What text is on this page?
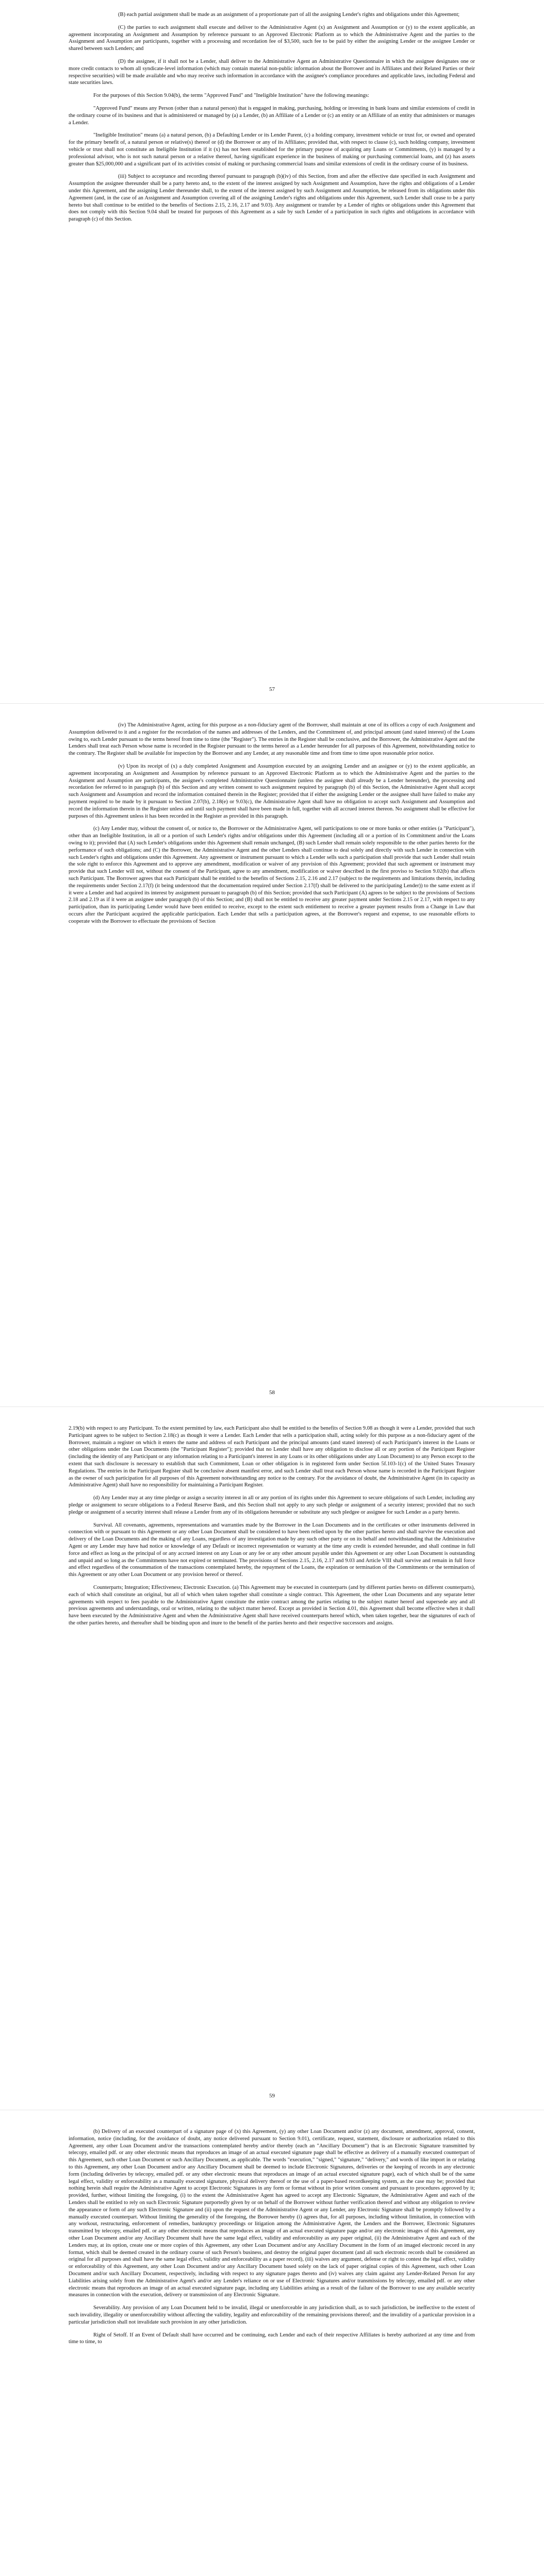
(B) each partial assignment shall be made as an assignment of a proportionate part of all the assigning Lender's rights and obligations under this Agreement;

(C) the parties to each assignment shall execute and deliver to the Administrative Agent (x) an Assignment and Assumption or (y) to the extent applicable, an agreement incorporating an Assignment and Assumption by reference pursuant to an Approved Electronic Platform as to which the Administrative Agent and the parties to the Assignment and Assumption are participants, together with a processing and recordation fee of $3,500, such fee to be paid by either the assigning Lender or the assignee Lender or shared between such Lenders; and

(D) the assignee, if it shall not be a Lender, shall deliver to the Administrative Agent an Administrative Questionnaire in which the assignee designates one or more credit contacts to whom all syndicate-level information (which may contain material non-public information about the Borrower and its Affiliates and their Related Parties or their respective securities) will be made available and who may receive such information in accordance with the assignee's compliance procedures and applicable laws, including Federal and state securities laws.

For the purposes of this Section 9.04(b), the terms "Approved Fund" and "Ineligible Institution" have the following meanings:

"Approved Fund" means any Person (other than a natural person) that is engaged in making, purchasing, holding or investing in bank loans and similar extensions of credit in the ordinary course of its business and that is administered or managed by (a) a Lender, (b) an Affiliate of a Lender or (c) an entity or an Affiliate of an entity that administers or manages a Lender.

"Ineligible Institution" means (a) a natural person, (b) a Defaulting Lender or its Lender Parent, (c) a holding company, investment vehicle or trust for, or owned and operated for the primary benefit of, a natural person or relative(s) thereof or (d) the Borrower or any of its Affiliates; provided that, with respect to clause (c), such holding company, investment vehicle or trust shall not constitute an Ineligible Institution if it (x) has not been established for the primary purpose of acquiring any Loans or Commitments, (y) is managed by a professional advisor, who is not such natural person or a relative thereof, having significant experience in the business of making or purchasing commercial loans, and (z) has assets greater than $25,000,000 and a significant part of its activities consist of making or purchasing commercial loans and similar extensions of credit in the ordinary course of its business.

(iii) Subject to acceptance and recording thereof pursuant to paragraph (b)(iv) of this Section, from and after the effective date specified in each Assignment and Assumption the assignee thereunder shall be a party hereto and, to the extent of the interest assigned by such Assignment and Assumption, have the rights and obligations of a Lender under this Agreement, and the assigning Lender thereunder shall, to the extent of the interest assigned by such Assignment and Assumption, be released from its obligations under this Agreement (and, in the case of an Assignment and Assumption covering all of the assigning Lender's rights and obligations under this Agreement, such Lender shall cease to be a party hereto but shall continue to be entitled to the benefits of Sections 2.15, 2.16, 2.17 and 9.03). Any assignment or transfer by a Lender of rights or obligations under this Agreement that does not comply with this Section 9.04 shall be treated for purposes of this Agreement as a sale by such Lender of a participation in such rights and obligations in accordance with paragraph (c) of this Section.

57

(iv) The Administrative Agent, acting for this purpose as a non-fiduciary agent of the Borrower, shall maintain at one of its offices a copy of each Assignment and Assumption delivered to it and a register for the recordation of the names and addresses of the Lenders, and the Commitment of, and principal amount (and stated interest) of the Loans owing to, each Lender pursuant to the terms hereof from time to time (the "Register"). The entries in the Register shall be conclusive, and the Borrower, the Administrative Agent and the Lenders shall treat each Person whose name is recorded in the Register pursuant to the terms hereof as a Lender hereunder for all purposes of this Agreement, notwithstanding notice to the contrary. The Register shall be available for inspection by the Borrower and any Lender, at any reasonable time and from time to time upon reasonable prior notice.

(v) Upon its receipt of (x) a duly completed Assignment and Assumption executed by an assigning Lender and an assignee or (y) to the extent applicable, an agreement incorporating an Assignment and Assumption by reference pursuant to an Approved Electronic Platform as to which the Administrative Agent and the parties to the Assignment and Assumption are participants, the assignee's completed Administrative Questionnaire (unless the assignee shall already be a Lender hereunder), the processing and recordation fee referred to in paragraph (b) of this Section and any written consent to such assignment required by paragraph (b) of this Section, the Administrative Agent shall accept such Assignment and Assumption and record the information contained therein in the Register; provided that if either the assigning Lender or the assignee shall have failed to make any payment required to be made by it pursuant to Section 2.07(b), 2.18(e) or 9.03(c), the Administrative Agent shall have no obligation to accept such Assignment and Assumption and record the information therein in the Register unless and until such payment shall have been made in full, together with all accrued interest thereon. No assignment shall be effective for purposes of this Agreement unless it has been recorded in the Register as provided in this paragraph.

(c) Any Lender may, without the consent of, or notice to, the Borrower or the Administrative Agent, sell participations to one or more banks or other entities (a "Participant"), other than an Ineligible Institution, in all or a portion of such Lender's rights and/or obligations under this Agreement (including all or a portion of its Commitment and/or the Loans owing to it); provided that (A) such Lender's obligations under this Agreement shall remain unchanged, (B) such Lender shall remain solely responsible to the other parties hereto for the performance of such obligations; and (C) the Borrower, the Administrative Agent and the other Lenders shall continue to deal solely and directly with such Lender in connection with such Lender's rights and obligations under this Agreement. Any agreement or instrument pursuant to which a Lender sells such a participation shall provide that such Lender shall retain the sole right to enforce this Agreement and to approve any amendment, modification or waiver of any provision of this Agreement; provided that such agreement or instrument may provide that such Lender will not, without the consent of the Participant, agree to any amendment, modification or waiver described in the first proviso to Section 9.02(b) that affects such Participant. The Borrower agrees that each Participant shall be entitled to the benefits of Sections 2.15, 2.16 and 2.17 (subject to the requirements and limitations therein, including the requirements under Section 2.17(f) (it being understood that the documentation required under Section 2.17(f) shall be delivered to the participating Lender)) to the same extent as if it were a Lender and had acquired its interest by assignment pursuant to paragraph (b) of this Section; provided that such Participant (A) agrees to be subject to the provisions of Sections 2.18 and 2.19 as if it were an assignee under paragraph (b) of this Section; and (B) shall not be entitled to receive any greater payment under Sections 2.15 or 2.17, with respect to any participation, than its participating Lender would have been entitled to receive, except to the extent such entitlement to receive a greater payment results from a Change in Law that occurs after the Participant acquired the applicable participation. Each Lender that sells a participation agrees, at the Borrower's request and expense, to use reasonable efforts to cooperate with the Borrower to effectuate the provisions of Section

58

2.19(b) with respect to any Participant. To the extent permitted by law, each Participant also shall be entitled to the benefits of Section 9.08 as though it were a Lender, provided that such Participant agrees to be subject to Section 2.18(c) as though it were a Lender. Each Lender that sells a participation shall, acting solely for this purpose as a non-fiduciary agent of the Borrower, maintain a register on which it enters the name and address of each Participant and the principal amounts (and stated interest) of each Participant's interest in the Loans or other obligations under the Loan Documents (the "Participant Register"); provided that no Lender shall have any obligation to disclose all or any portion of the Participant Register (including the identity of any Participant or any information relating to a Participant's interest in any Loans or its other obligations under any Loan Document) to any Person except to the extent that such disclosure is necessary to establish that such Commitment, Loan or other obligation is in registered form under Section 5f.103-1(c) of the United States Treasury Regulations. The entries in the Participant Register shall be conclusive absent manifest error, and such Lender shall treat each Person whose name is recorded in the Participant Register as the owner of such participation for all purposes of this Agreement notwithstanding any notice to the contrary. For the avoidance of doubt, the Administrative Agent (in its capacity as Administrative Agent) shall have no responsibility for maintaining a Participant Register.

(d) Any Lender may at any time pledge or assign a security interest in all or any portion of its rights under this Agreement to secure obligations of such Lender, including any pledge or assignment to secure obligations to a Federal Reserve Bank, and this Section shall not apply to any such pledge or assignment of a security interest; provided that no such pledge or assignment of a security interest shall release a Lender from any of its obligations hereunder or substitute any such pledgee or assignee for such Lender as a party hereto.

Survival. All covenants, agreements, representations and warranties made by the Borrower in the Loan Documents and in the certificates or other instruments delivered in connection with or pursuant to this Agreement or any other Loan Document shall be considered to have been relied upon by the other parties hereto and shall survive the execution and delivery of the Loan Documents and the making of any Loans, regardless of any investigation made by any such other party or on its behalf and notwithstanding that the Administrative Agent or any Lender may have had notice or knowledge of any Default or incorrect representation or warranty at the time any credit is extended hereunder, and shall continue in full force and effect as long as the principal of or any accrued interest on any Loan or any fee or any other amount payable under this Agreement or any other Loan Document is outstanding and unpaid and so long as the Commitments have not expired or terminated. The provisions of Sections 2.15, 2.16, 2.17 and 9.03 and Article VIII shall survive and remain in full force and effect regardless of the consummation of the transactions contemplated hereby, the repayment of the Loans, the expiration or termination of the Commitments or the termination of this Agreement or any other Loan Document or any provision hereof or thereof.

Counterparts; Integration; Effectiveness; Electronic Execution. (a) This Agreement may be executed in counterparts (and by different parties hereto on different counterparts), each of which shall constitute an original, but all of which when taken together shall constitute a single contract. This Agreement, the other Loan Documents and any separate letter agreements with respect to fees payable to the Administrative Agent constitute the entire contract among the parties relating to the subject matter hereof and supersede any and all previous agreements and understandings, oral or written, relating to the subject matter hereof. Except as provided in Section 4.01, this Agreement shall become effective when it shall have been executed by the Administrative Agent and when the Administrative Agent shall have received counterparts hereof which, when taken together, bear the signatures of each of the other parties hereto, and thereafter shall be binding upon and inure to the benefit of the parties hereto and their respective successors and assigns.

59

(b) Delivery of an executed counterpart of a signature page of (x) this Agreement, (y) any other Loan Document and/or (z) any document, amendment, approval, consent, information, notice (including, for the avoidance of doubt, any notice delivered pursuant to Section 9.01), certificate, request, statement, disclosure or authorization related to this Agreement, any other Loan Document and/or the transactions contemplated hereby and/or thereby (each an "Ancillary Document") that is an Electronic Signature transmitted by telecopy, emailed pdf. or any other electronic means that reproduces an image of an actual executed signature page shall be effective as delivery of a manually executed counterpart of this Agreement, such other Loan Document or such Ancillary Document, as applicable. The words "execution," "signed," "signature," "delivery," and words of like import in or relating to this Agreement, any other Loan Document and/or any Ancillary Document shall be deemed to include Electronic Signatures, deliveries or the keeping of records in any electronic form (including deliveries by telecopy, emailed pdf. or any other electronic means that reproduces an image of an actual executed signature page), each of which shall be of the same legal effect, validity or enforceability as a manually executed signature, physical delivery thereof or the use of a paper-based recordkeeping system, as the case may be; provided that nothing herein shall require the Administrative Agent to accept Electronic Signatures in any form or format without its prior written consent and pursuant to procedures approved by it; provided, further, without limiting the foregoing, (i) to the extent the Administrative Agent has agreed to accept any Electronic Signature, the Administrative Agent and each of the Lenders shall be entitled to rely on such Electronic Signature purportedly given by or on behalf of the Borrower without further verification thereof and without any obligation to review the appearance or form of any such Electronic Signature and (ii) upon the request of the Administrative Agent or any Lender, any Electronic Signature shall be promptly followed by a manually executed counterpart. Without limiting the generality of the foregoing, the Borrower hereby (i) agrees that, for all purposes, including without limitation, in connection with any workout, restructuring, enforcement of remedies, bankruptcy proceedings or litigation among the Administrative Agent, the Lenders and the Borrower, Electronic Signatures transmitted by telecopy, emailed pdf. or any other electronic means that reproduces an image of an actual executed signature page and/or any electronic images of this Agreement, any other Loan Document and/or any Ancillary Document shall have the same legal effect, validity and enforceability as any paper original, (ii) the Administrative Agent and each of the Lenders may, at its option, create one or more copies of this Agreement, any other Loan Document and/or any Ancillary Document in the form of an imaged electronic record in any format, which shall be deemed created in the ordinary course of such Person's business, and destroy the original paper document (and all such electronic records shall be considered an original for all purposes and shall have the same legal effect, validity and enforceability as a paper record), (iii) waives any argument, defense or right to contest the legal effect, validity or enforceability of this Agreement, any other Loan Document and/or any Ancillary Document based solely on the lack of paper original copies of this Agreement, such other Loan Document and/or such Ancillary Document, respectively, including with respect to any signature pages thereto and (iv) waives any claim against any Lender-Related Person for any Liabilities arising solely from the Administrative Agent's and/or any Lender's reliance on or use of Electronic Signatures and/or transmissions by telecopy, emailed pdf. or any other electronic means that reproduces an image of an actual executed signature page, including any Liabilities arising as a result of the failure of the Borrower to use any available security measures in connection with the execution, delivery or transmission of any Electronic Signature.

Severability. Any provision of any Loan Document held to be invalid, illegal or unenforceable in any jurisdiction shall, as to such jurisdiction, be ineffective to the extent of such invalidity, illegality or unenforceability without affecting the validity, legality and enforceability of the remaining provisions thereof; and the invalidity of a particular provision in a particular jurisdiction shall not invalidate such provision in any other jurisdiction.

Right of Setoff. If an Event of Default shall have occurred and be continuing, each Lender and each of their respective Affiliates is hereby authorized at any time and from time to time, to
